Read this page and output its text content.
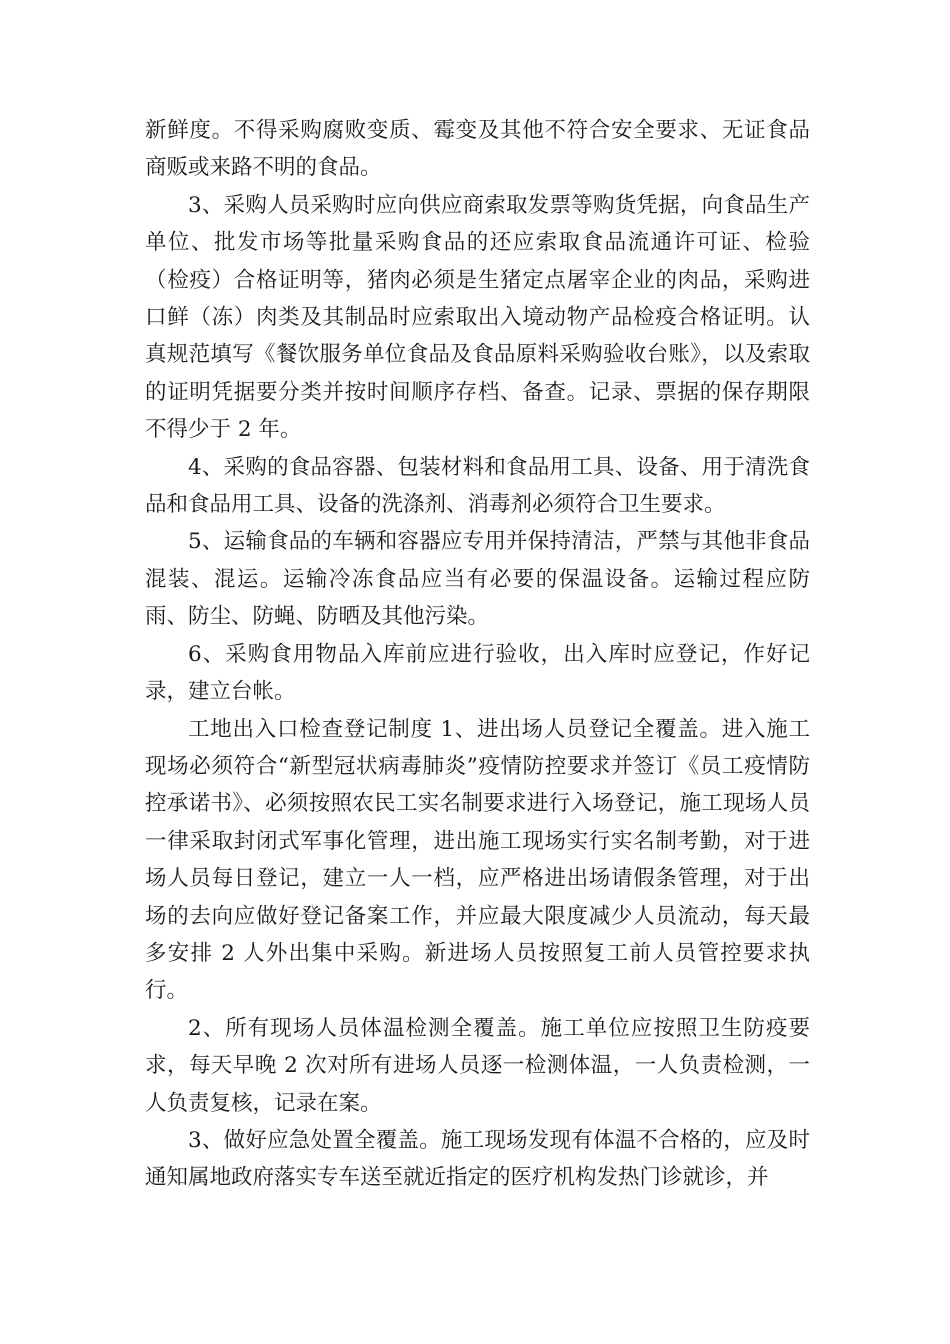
新鲜度。不得采购腐败变质、霉变及其他不符合安全要求、无证食品商贩或来路不明的食品。

3、采购人员采购时应向供应商索取发票等购货凭据，向食品生产单位、批发市场等批量采购食品的还应索取食品流通许可证、检验（检疫）合格证明等，猪肉必须是生猪定点屠宰企业的肉品，采购进口鲜（冻）肉类及其制品时应索取出入境动物产品检疫合格证明。认真规范填写《餐饮服务单位食品及食品原料采购验收台账》，以及索取的证明凭据要分类并按时间顺序存档、备查。记录、票据的保存期限不得少于 2 年。

4、采购的食品容器、包装材料和食品用工具、设备、用于清洗食品和食品用工具、设备的洗涤剂、消毒剂必须符合卫生要求。

5、运输食品的车辆和容器应专用并保持清洁，严禁与其他非食品混装、混运。运输冷冻食品应当有必要的保温设备。运输过程应防雨、防尘、防蝇、防晒及其他污染。

6、采购食用物品入库前应进行验收，出入库时应登记，作好记录，建立台帐。

工地出入口检查登记制度 1、进出场人员登记全覆盖。进入施工现场必须符合“新型冠状病毒肺炎”疫情防控要求并签订《员工疫情防控承诺书》、必须按照农民工实名制要求进行入场登记，施工现场人员一律采取封闭式军事化管理，进出施工现场实行实名制考勤，对于进场人员每日登记，建立一人一档，应严格进出场请假条管理，对于出场的去向应做好登记备案工作，并应最大限度减少人员流动，每天最多安排 2 人外出集中采购。新进场人员按照复工前人员管控要求执行。

2、所有现场人员体温检测全覆盖。施工单位应按照卫生防疫要求，每天早晚 2 次对所有进场人员逐一检测体温，一人负责检测，一人负责复核，记录在案。

3、做好应急处置全覆盖。施工现场发现有体温不合格的，应及时通知属地政府落实专车送至就近指定的医疗机构发热门诊就诊，并
